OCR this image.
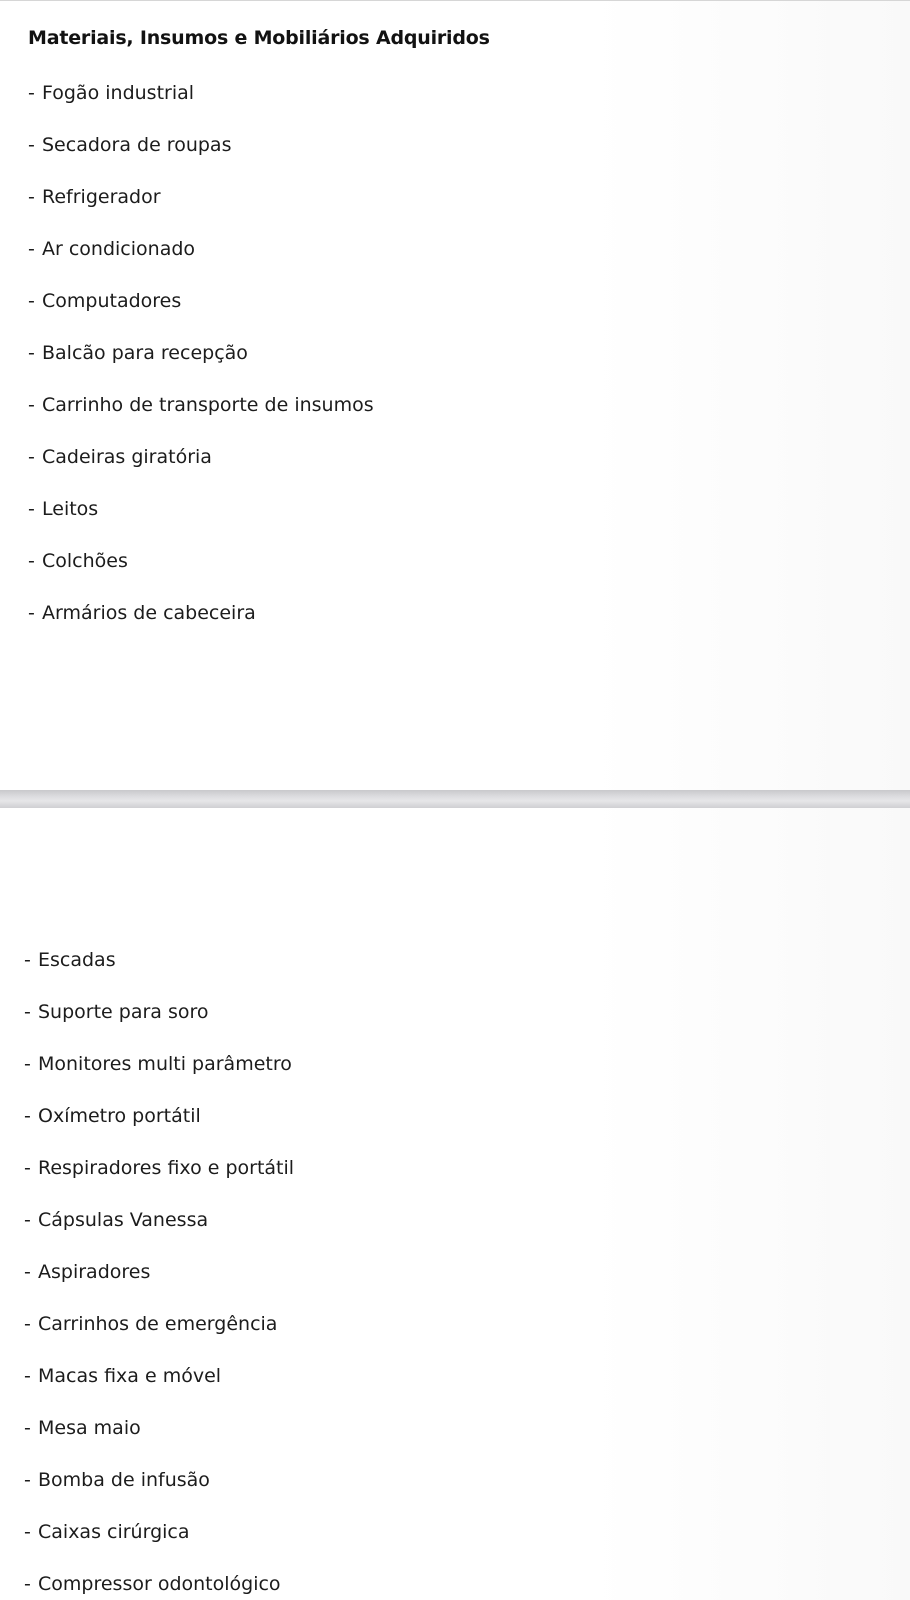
Materiais, Insumos e Mobiliários Adquiridos
- Fogão industrial
- Secadora de roupas
- Refrigerador
- Ar condicionado
- Computadores
- Balcão para recepção
- Carrinho de transporte de insumos
- Cadeiras giratória
- Leitos
- Colchões
- Armários de cabeceira
- Escadas
- Suporte para soro
- Monitores multi parâmetro
- Oxímetro portátil
- Respiradores fixo e portátil
- Cápsulas Vanessa
- Aspiradores
- Carrinhos de emergência
- Macas fixa e móvel
- Mesa maio
- Bomba de infusão
- Caixas cirúrgica
- Compressor odontológico
